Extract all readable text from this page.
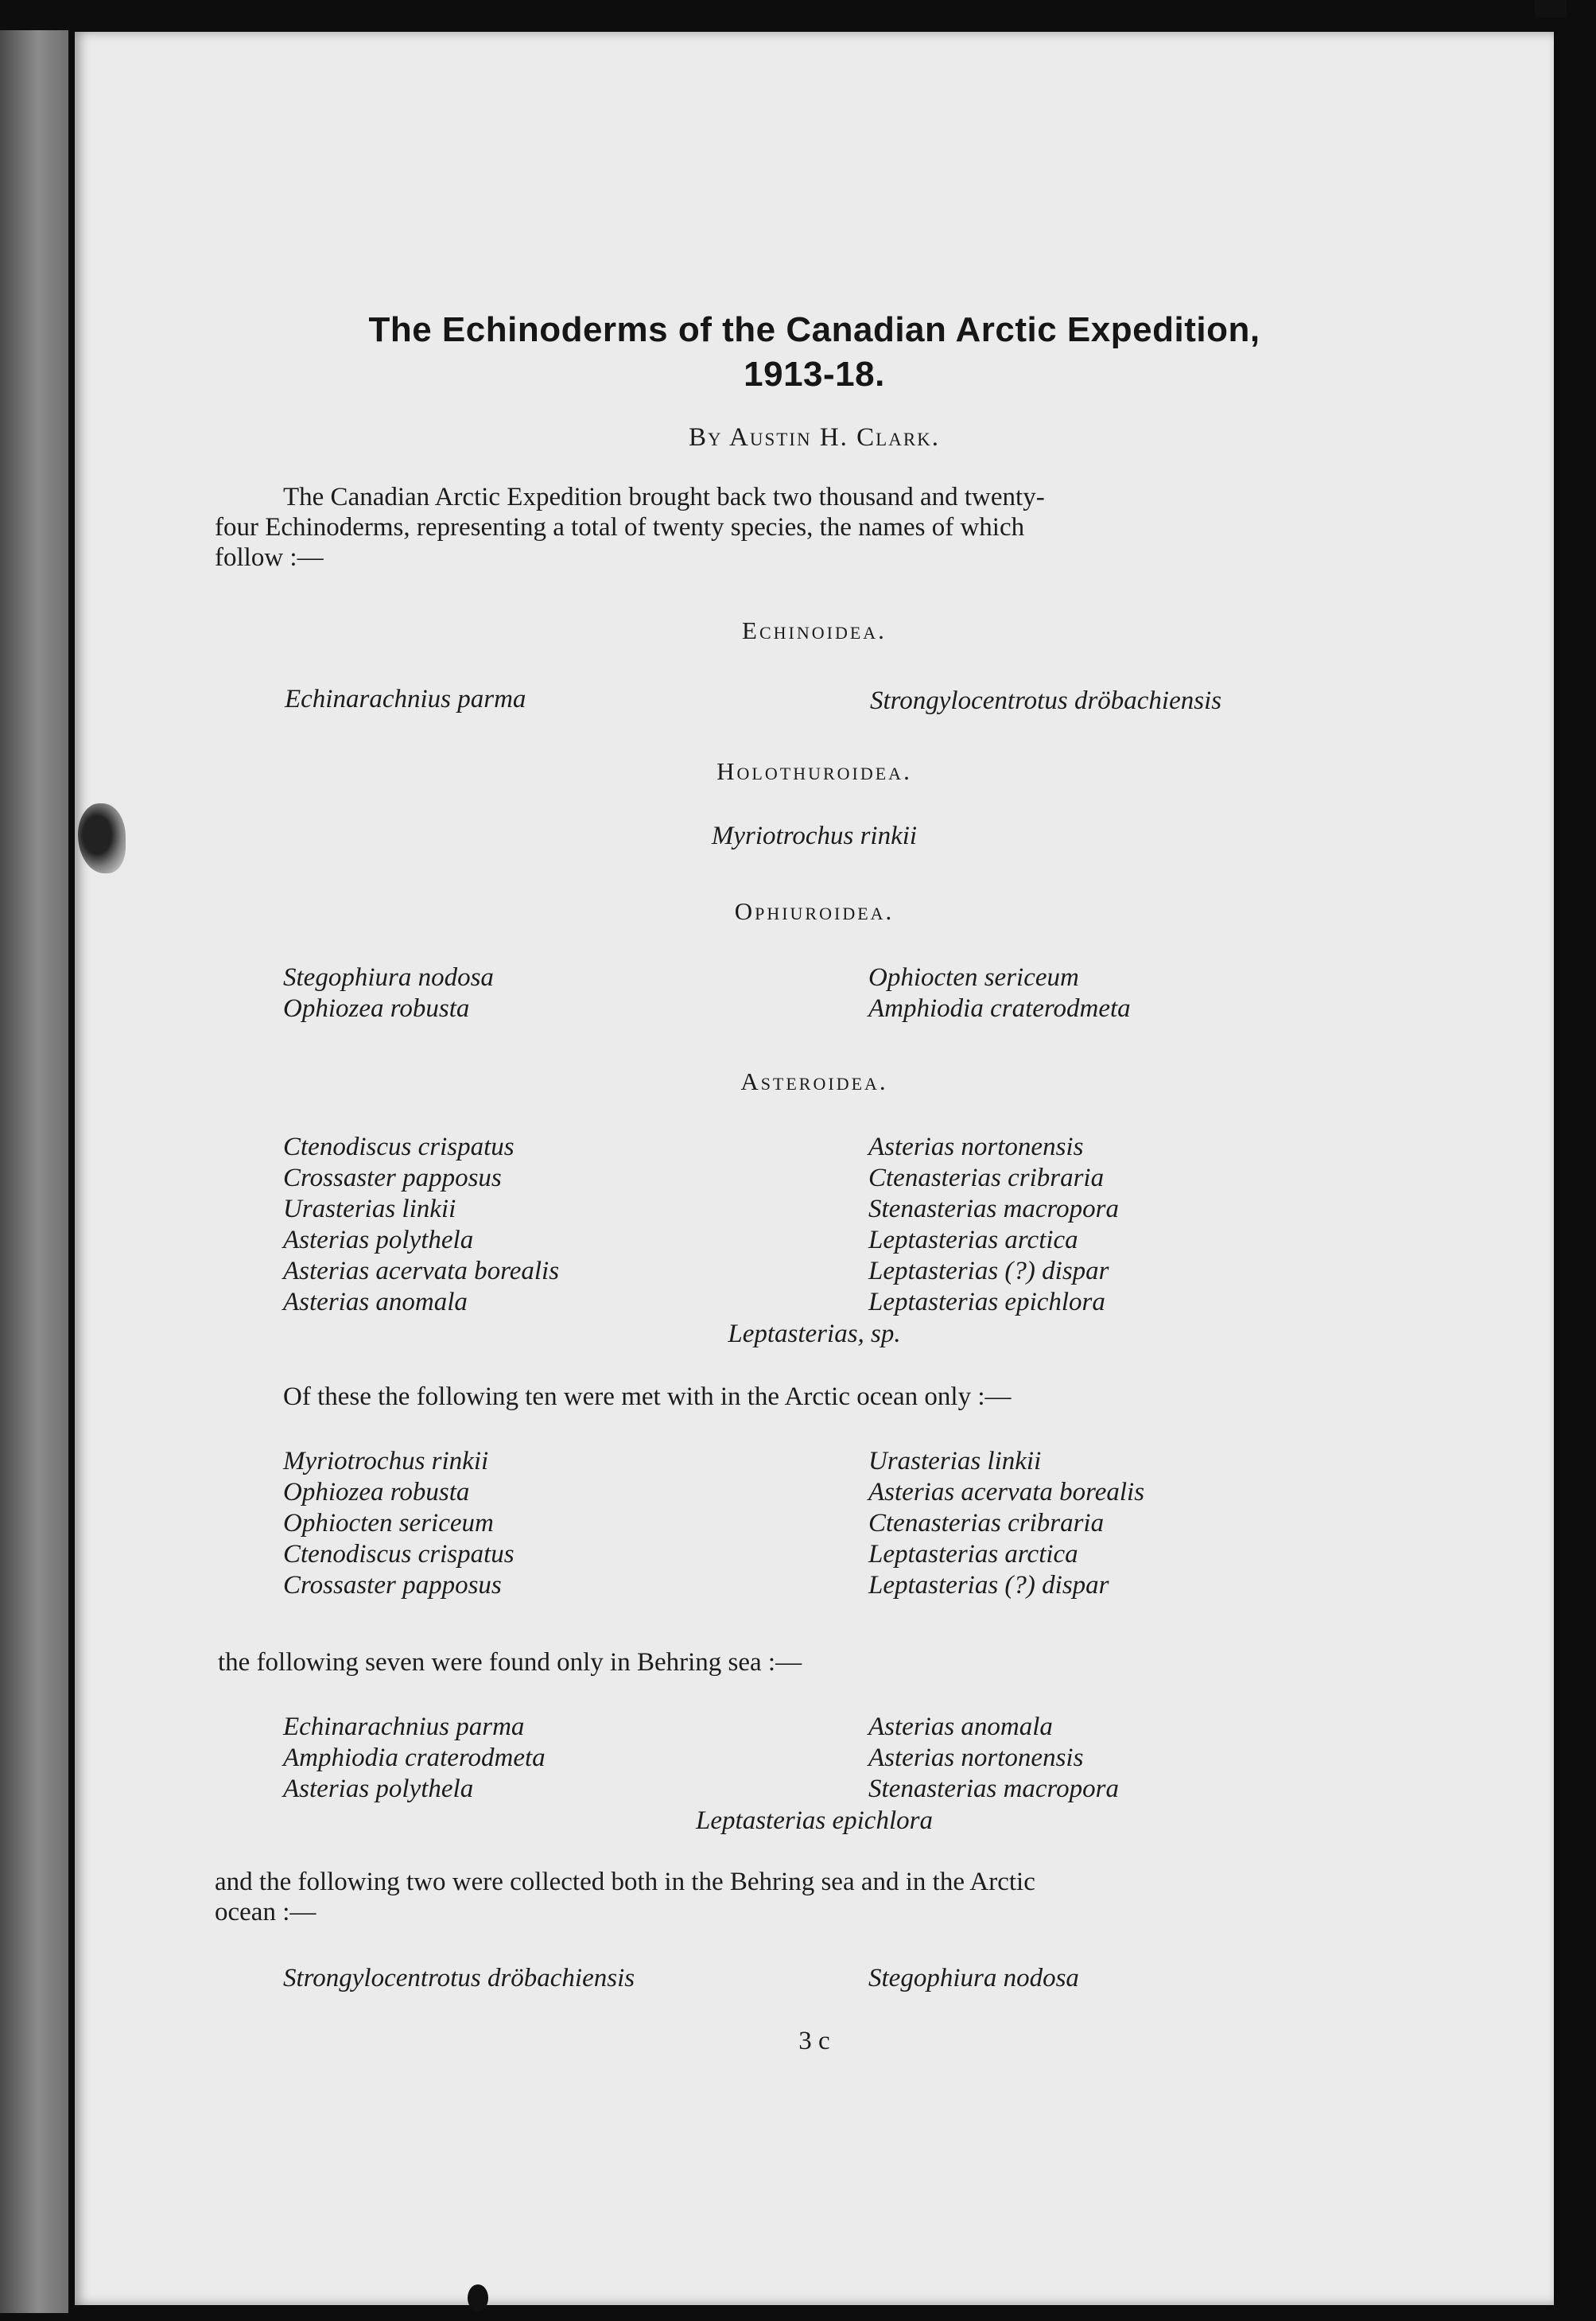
The Echinoderms of the Canadian Arctic Expedition,
1913-18.
By Austin H. Clark.
The Canadian Arctic Expedition brought back two thousand and twenty-
four Echinoderms, representing a total of twenty species, the names of which
follow :—
Echinoidea.
Echinarachnius parma	Strongylocentrotus dröbachiensis
Holothuroidea.
Myriotrochus rinkii
Ophiuroidea.
Stegophiura nodosa
Ophiozea robusta
Ophiocten sericeum
Amphiodia craterodmeta
Asteroidea.
Ctenodiscus crispatus
Crossaster papposus
Urasterias linkii
Asterias polythela
Asterias acervata borealis
Asterias anomala
Asterias nortonensis
Ctenasterias cribraria
Stenasterias macropora
Leptasterias arctica
Leptasterias (?) dispar
Leptasterias epichlora
Leptasterias, sp.
Of these the following ten were met with in the Arctic ocean only :—
Myriotrochus rinkii
Ophiozea robusta
Ophiocten sericeum
Ctenodiscus crispatus
Crossaster papposus
Urasterias linkii
Asterias acervata borealis
Ctenasterias cribraria
Leptasterias arctica
Leptasterias (?) dispar
the following seven were found only in Behring sea :—
Echinarachnius parma
Amphiodia craterodmeta
Asterias polythela
Asterias anomala
Asterias nortonensis
Stenasterias macropora
Leptasterias epichlora
and the following two were collected both in the Behring sea and in the Arctic
ocean :—
Strongylocentrotus dröbachiensis	Stegophiura nodosa
3 c
